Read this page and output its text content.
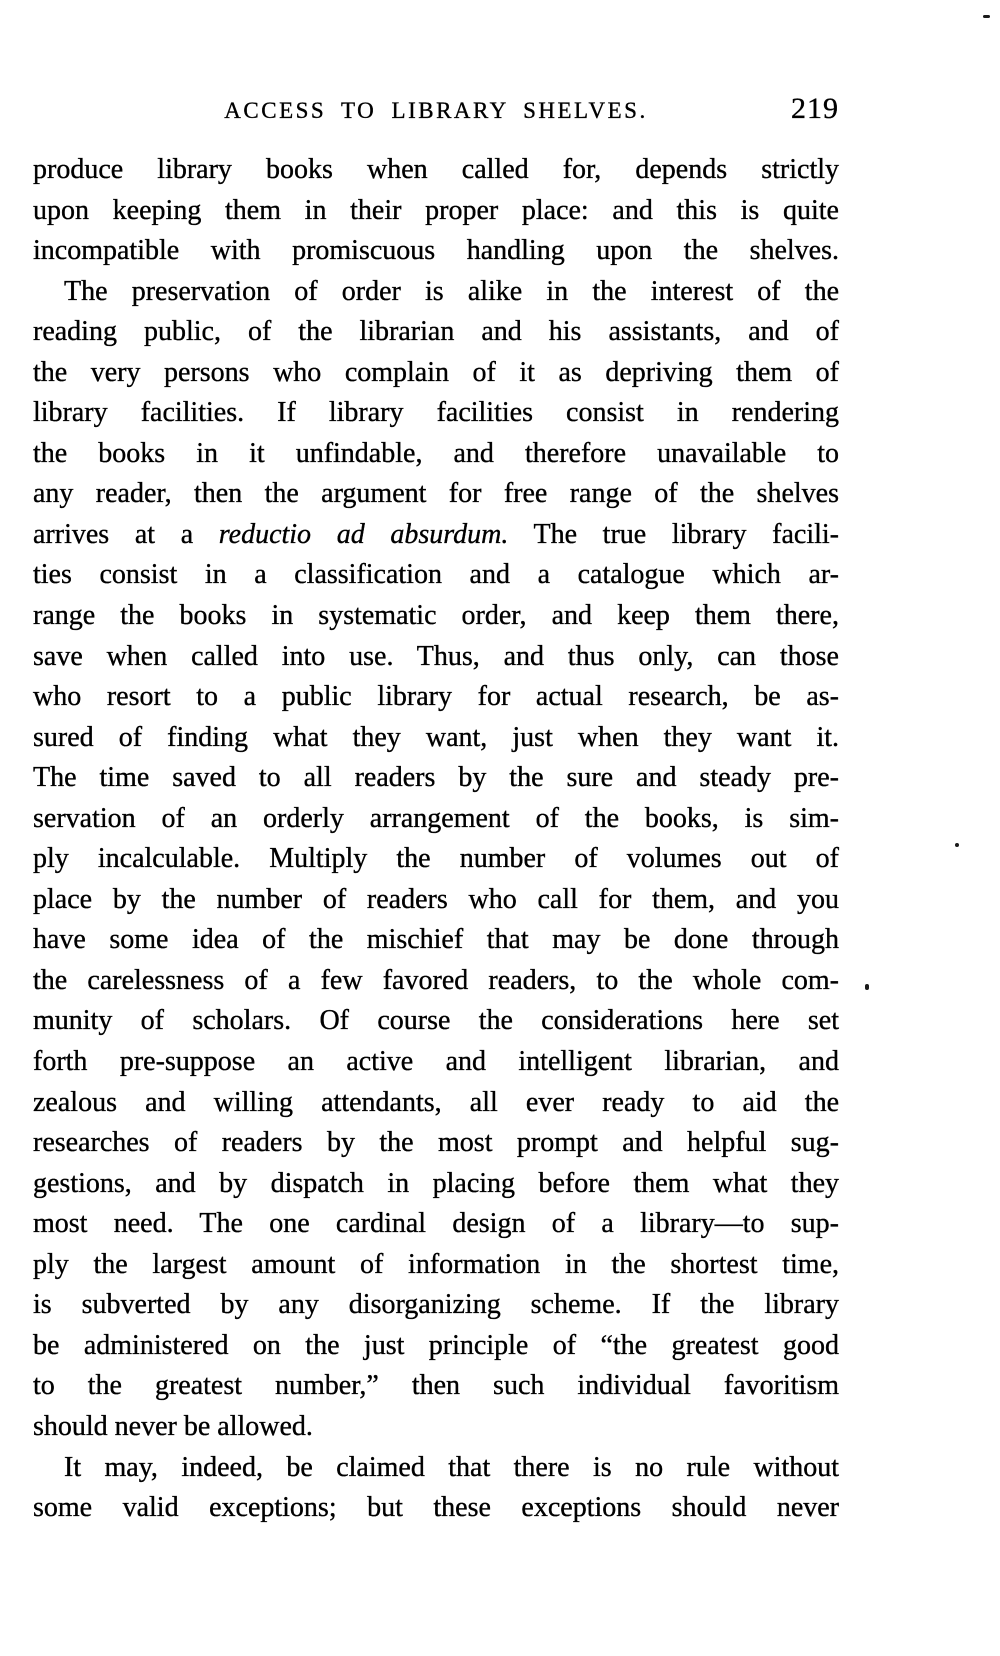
ACCESS TO LIBRARY SHELVES.	219
produce library books when called for, depends strictly
upon keeping them in their proper place: and this is quite
incompatible with promiscuous handling upon the shelves.
The preservation of order is alike in the interest of the
reading public, of the librarian and his assistants, and of
the very persons who complain of it as depriving them of
library facilities. If library facilities consist in rendering
the books in it unfindable, and therefore unavailable to
any reader, then the argument for free range of the shelves
arrives at a reductio ad absurdum. The true library facili-
ties consist in a classification and a catalogue which ar-
range the books in systematic order, and keep them there,
save when called into use. Thus, and thus only, can those
who resort to a public library for actual research, be as-
sured of finding what they want, just when they want it.
The time saved to all readers by the sure and steady pre-
servation of an orderly arrangement of the books, is sim-
ply incalculable. Multiply the number of volumes out of
place by the number of readers who call for them, and you
have some idea of the mischief that may be done through
the carelessness of a few favored readers, to the whole com-
munity of scholars. Of course the considerations here set
forth pre-suppose an active and intelligent librarian, and
zealous and willing attendants, all ever ready to aid the
researches of readers by the most prompt and helpful sug-
gestions, and by dispatch in placing before them what they
most need. The one cardinal design of a library—to sup-
ply the largest amount of information in the shortest time,
is subverted by any disorganizing scheme. If the library
be administered on the just principle of “the greatest good
to the greatest number,” then such individual favoritism
should never be allowed.
It may, indeed, be claimed that there is no rule without
some valid exceptions; but these exceptions should never
